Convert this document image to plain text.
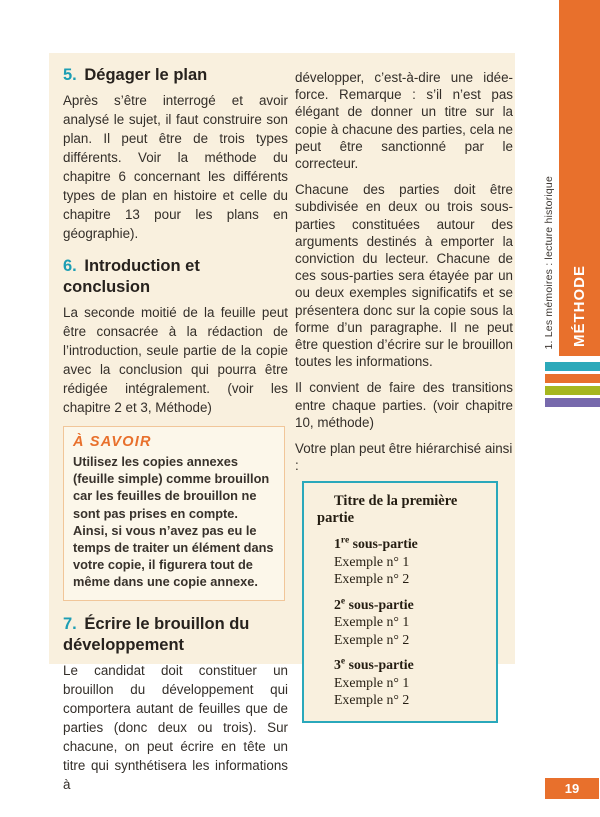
5. Dégager le plan

Après s’être interrogé et avoir analysé le sujet, il faut construire son plan. Il peut être de trois types différents. Voir la méthode du chapitre 6 concernant les différents types de plan en histoire et celle du chapitre 13 pour les plans en géographie).

6. Introduction et conclusion

La seconde moitié de la feuille peut être consacrée à la rédaction de l’introduction, seule partie de la copie avec la conclusion qui pourra être rédigée intégralement. (voir les chapitre 2 et 3, Méthode)

À SAVOIR
Utilisez les copies annexes (feuille simple) comme brouillon car les feuilles de brouillon ne sont pas prises en compte. Ainsi, si vous n’avez pas eu le temps de traiter un élément dans votre copie, il figurera tout de même dans une copie annexe.
7. Écrire le brouillon du développement

Le candidat doit constituer un brouillon du développement qui comportera autant de feuilles que de parties (donc deux ou trois). Sur chacune, on peut écrire en tête un titre qui synthétisera les informations à

développer, c’est-à-dire une idée-force. Remarque : s’il n’est pas élégant de donner un titre sur la copie à chacune des parties, cela ne peut être sanctionné par le correcteur.

Chacune des parties doit être subdivisée en deux ou trois sous-parties constituées autour des arguments destinés à emporter la conviction du lecteur. Chacune de ces sous-parties sera étayée par un ou deux exemples significatifs et se présentera donc sur la copie sous la forme d’un paragraphe. Il ne peut être question d’écrire sur le brouillon toutes les informations.

Il convient de faire des transitions entre chaque parties. (voir chapitre 10, méthode)

Votre plan peut être hiérarchisé ainsi :

Titre de la première partie
1re sous-partie
Exemple n° 1
Exemple n° 2
2e sous-partie
Exemple n° 1
Exemple n° 2
3e sous-partie
Exemple n° 1
Exemple n° 2
1. Les mémoires : lecture historique MÉTHODE
19
